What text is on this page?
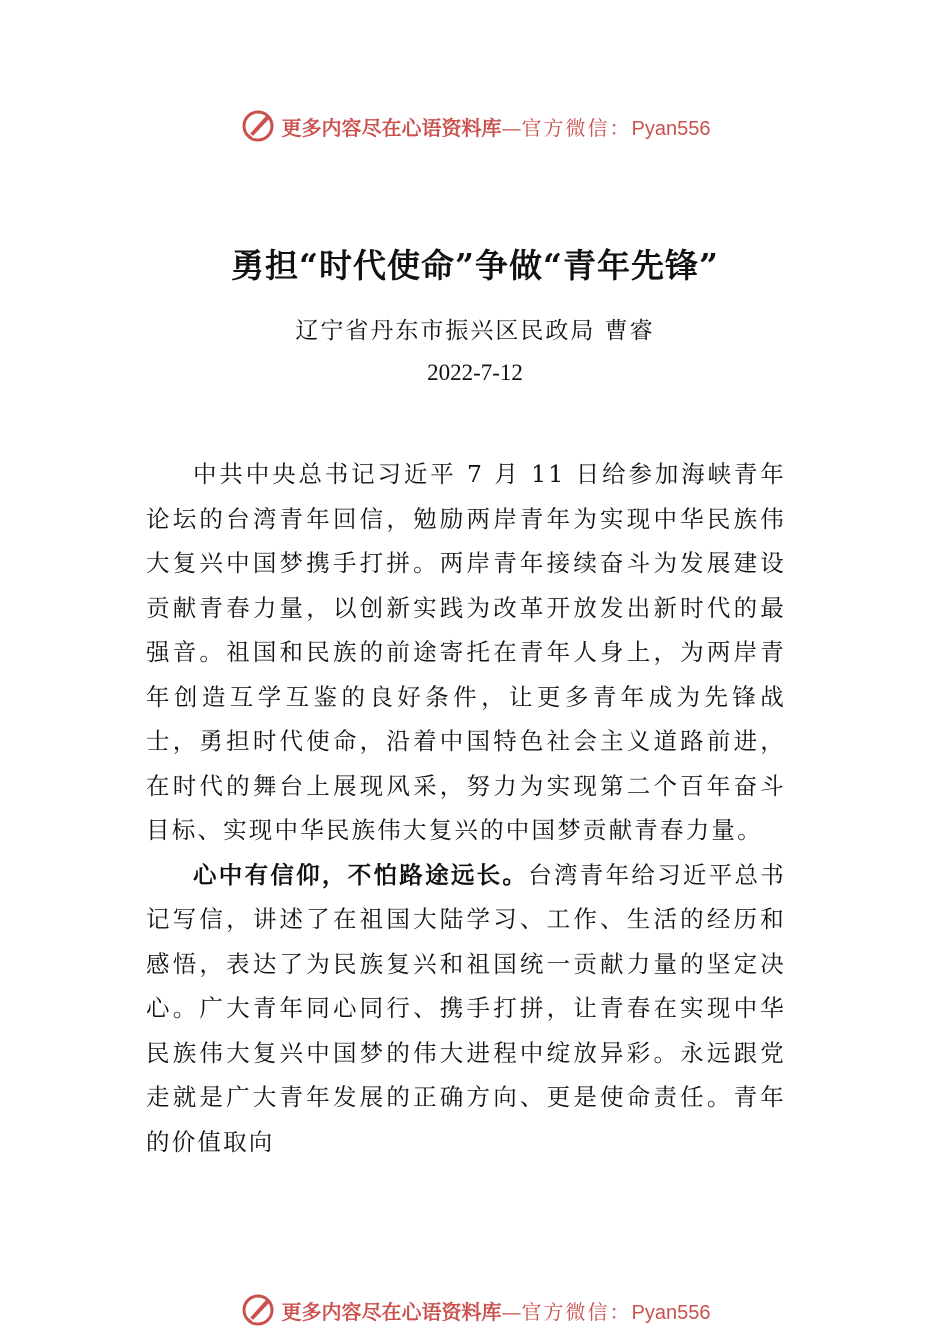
更多内容尽在心语资料库—官方微信：Pyan556
勇担“时代使命”争做“青年先锋”
辽宁省丹东市振兴区民政局 曹睿
2022-7-12

中共中央总书记习近平 7 月 11 日给参加海峡青年论坛的台湾青年回信，勉励两岸青年为实现中华民族伟大复兴中国梦携手打拼。两岸青年接续奋斗为发展建设贡献青春力量，以创新实践为改革开放发出新时代的最强音。祖国和民族的前途寄托在青年人身上，为两岸青年创造互学互鉴的良好条件，让更多青年成为先锋战士，勇担时代使命，沿着中国特色社会主义道路前进，在时代的舞台上展现风采，努力为实现第二个百年奋斗目标、实现中华民族伟大复兴的中国梦贡献青春力量。

心中有信仰，不怕路途远长。台湾青年给习近平总书记写信，讲述了在祖国大陆学习、工作、生活的经历和感悟，表达了为民族复兴和祖国统一贡献力量的坚定决心。广大青年同心同行、携手打拼，让青春在实现中华民族伟大复兴中国梦的伟大进程中绽放异彩。永远跟党走就是广大青年发展的正确方向、更是使命责任。青年的价值取向

更多内容尽在心语资料库—官方微信：Pyan556
